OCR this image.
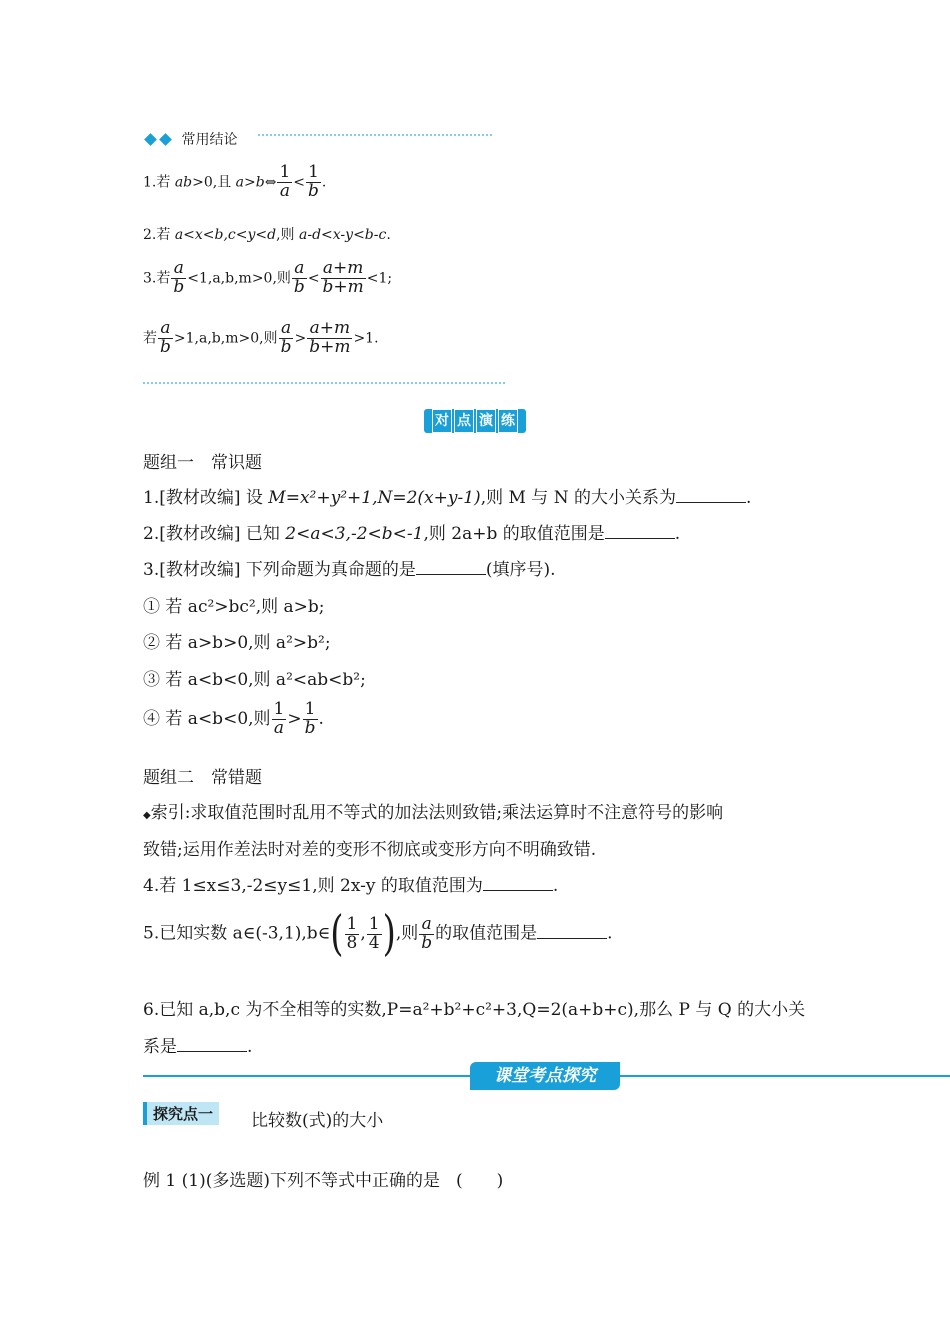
常用结论
1.若 ab>0,且 a>b⇔ $\frac{1}{a} < \frac{1}{b}$ .
2.若 a<x<b,c<y<d,则 a-d<x-y<b-c.
3.若 $\frac{a}{b} <1,a,b,m>0$,则 $\frac{a}{b} < \frac{a+m}{b+m} <1$;
若 $\frac{a}{b} >1,a,b,m>0$,则 $\frac{a}{b} > \frac{a+m}{b+m} >1$.
对 点 演 练
题组一　常识题
1.[教材改编] 设 M=x²+y²+1,N=2(x+y-1),则 M 与 N 的大小关系为	.
2.[教材改编] 已知 2<a<3,-2<b<-1,则 2a+b 的取值范围是	.
3.[教材改编] 下列命题为真命题的是	(填序号).
① 若 ac²>bc²,则 a>b;
② 若 a>b>0,则 a²>b²;
③ 若 a<b<0,则 a²<ab<b²;
④ 若 a<b<0,则 $\frac{1}{a} > \frac{1}{b}$ .
题组二　常错题
◆索引:求取值范围时乱用不等式的加法法则致错;乘法运算时不注意符号的影响
致错;运用作差法时对差的变形不彻底或变形方向不明确致错.
4.若 1≤x≤3,-2≤y≤1,则 2x-y 的取值范围为	.
5.已知实数 a∈(-3,1),b∈( $\frac{1}{8}$ , $\frac{1}{4}$ ),则 $\frac{a}{b}$ 的取值范围是	.
6.已知 a,b,c 为不全相等的实数,P=a²+b²+c²+3,Q=2(a+b+c),那么 P 与 Q 的大小关
系是	.
课堂考点探究
探究点一	比较数(式)的大小
例 1 (1)(多选题)下列不等式中正确的是 (　　)
